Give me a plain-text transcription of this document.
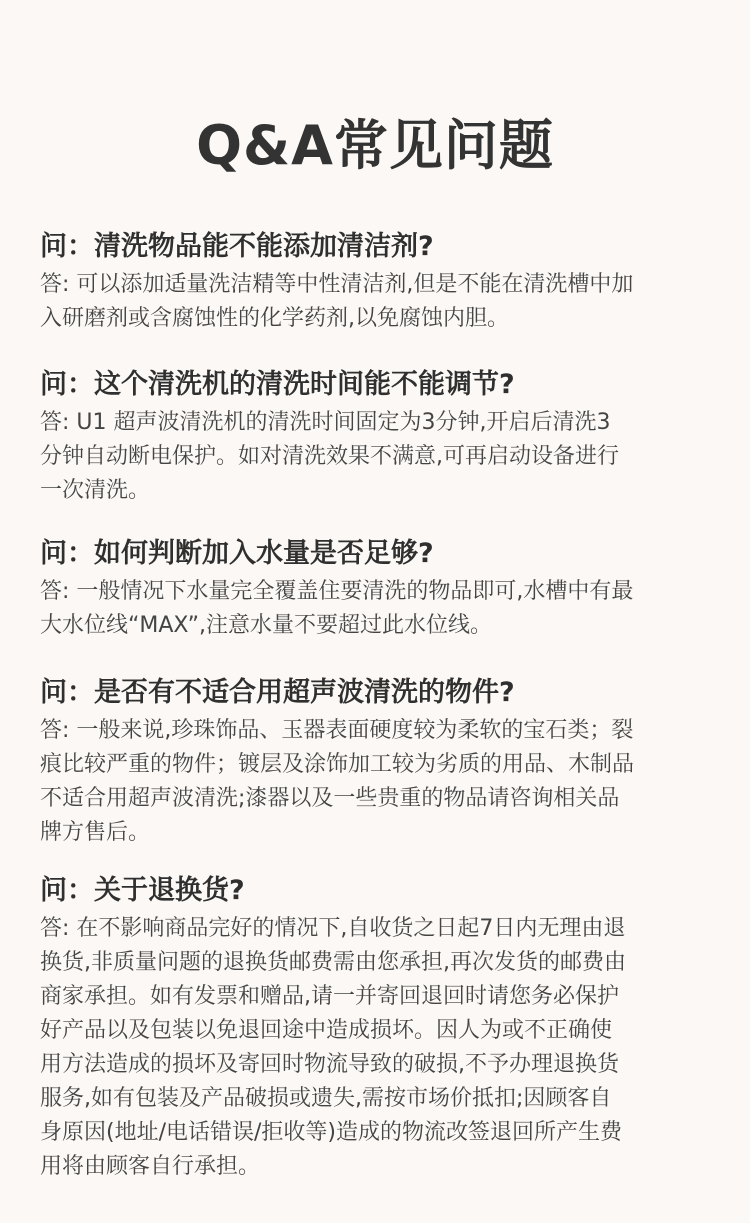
Q&A常见问题
问：清洗物品能不能添加清洁剂?
答: 可以添加适量洗洁精等中性清洁剂,但是不能在清洗槽中加
入研磨剂或含腐蚀性的化学药剂,以免腐蚀内胆。
问：这个清洗机的清洗时间能不能调节?
答: U1 超声波清洗机的清洗时间固定为3分钟,开启后清洗3
分钟自动断电保护。如对清洗效果不满意,可再启动设备进行
一次清洗。
问：如何判断加入水量是否足够?
答: 一般情况下水量完全覆盖住要清洗的物品即可,水槽中有最
大水位线“MAX”,注意水量不要超过此水位线。
问：是否有不适合用超声波清洗的物件?
答: 一般来说,珍珠饰品、玉器表面硬度较为柔软的宝石类；裂
痕比较严重的物件；镀层及涂饰加工较为劣质的用品、木制品
不适合用超声波清洗;漆器以及一些贵重的物品请咨询相关品
牌方售后。
问：关于退换货?
答: 在不影响商品完好的情况下,自收货之日起7日内无理由退
换货,非质量问题的退换货邮费需由您承担,再次发货的邮费由
商家承担。如有发票和赠品,请一并寄回退回时请您务必保护
好产品以及包装以免退回途中造成损坏。因人为或不正确使
用方法造成的损坏及寄回时物流导致的破损,不予办理退换货
服务,如有包装及产品破损或遗失,需按市场价抵扣;因顾客自
身原因(地址/电话错误/拒收等)造成的物流改签退回所产生费
用将由顾客自行承担。
